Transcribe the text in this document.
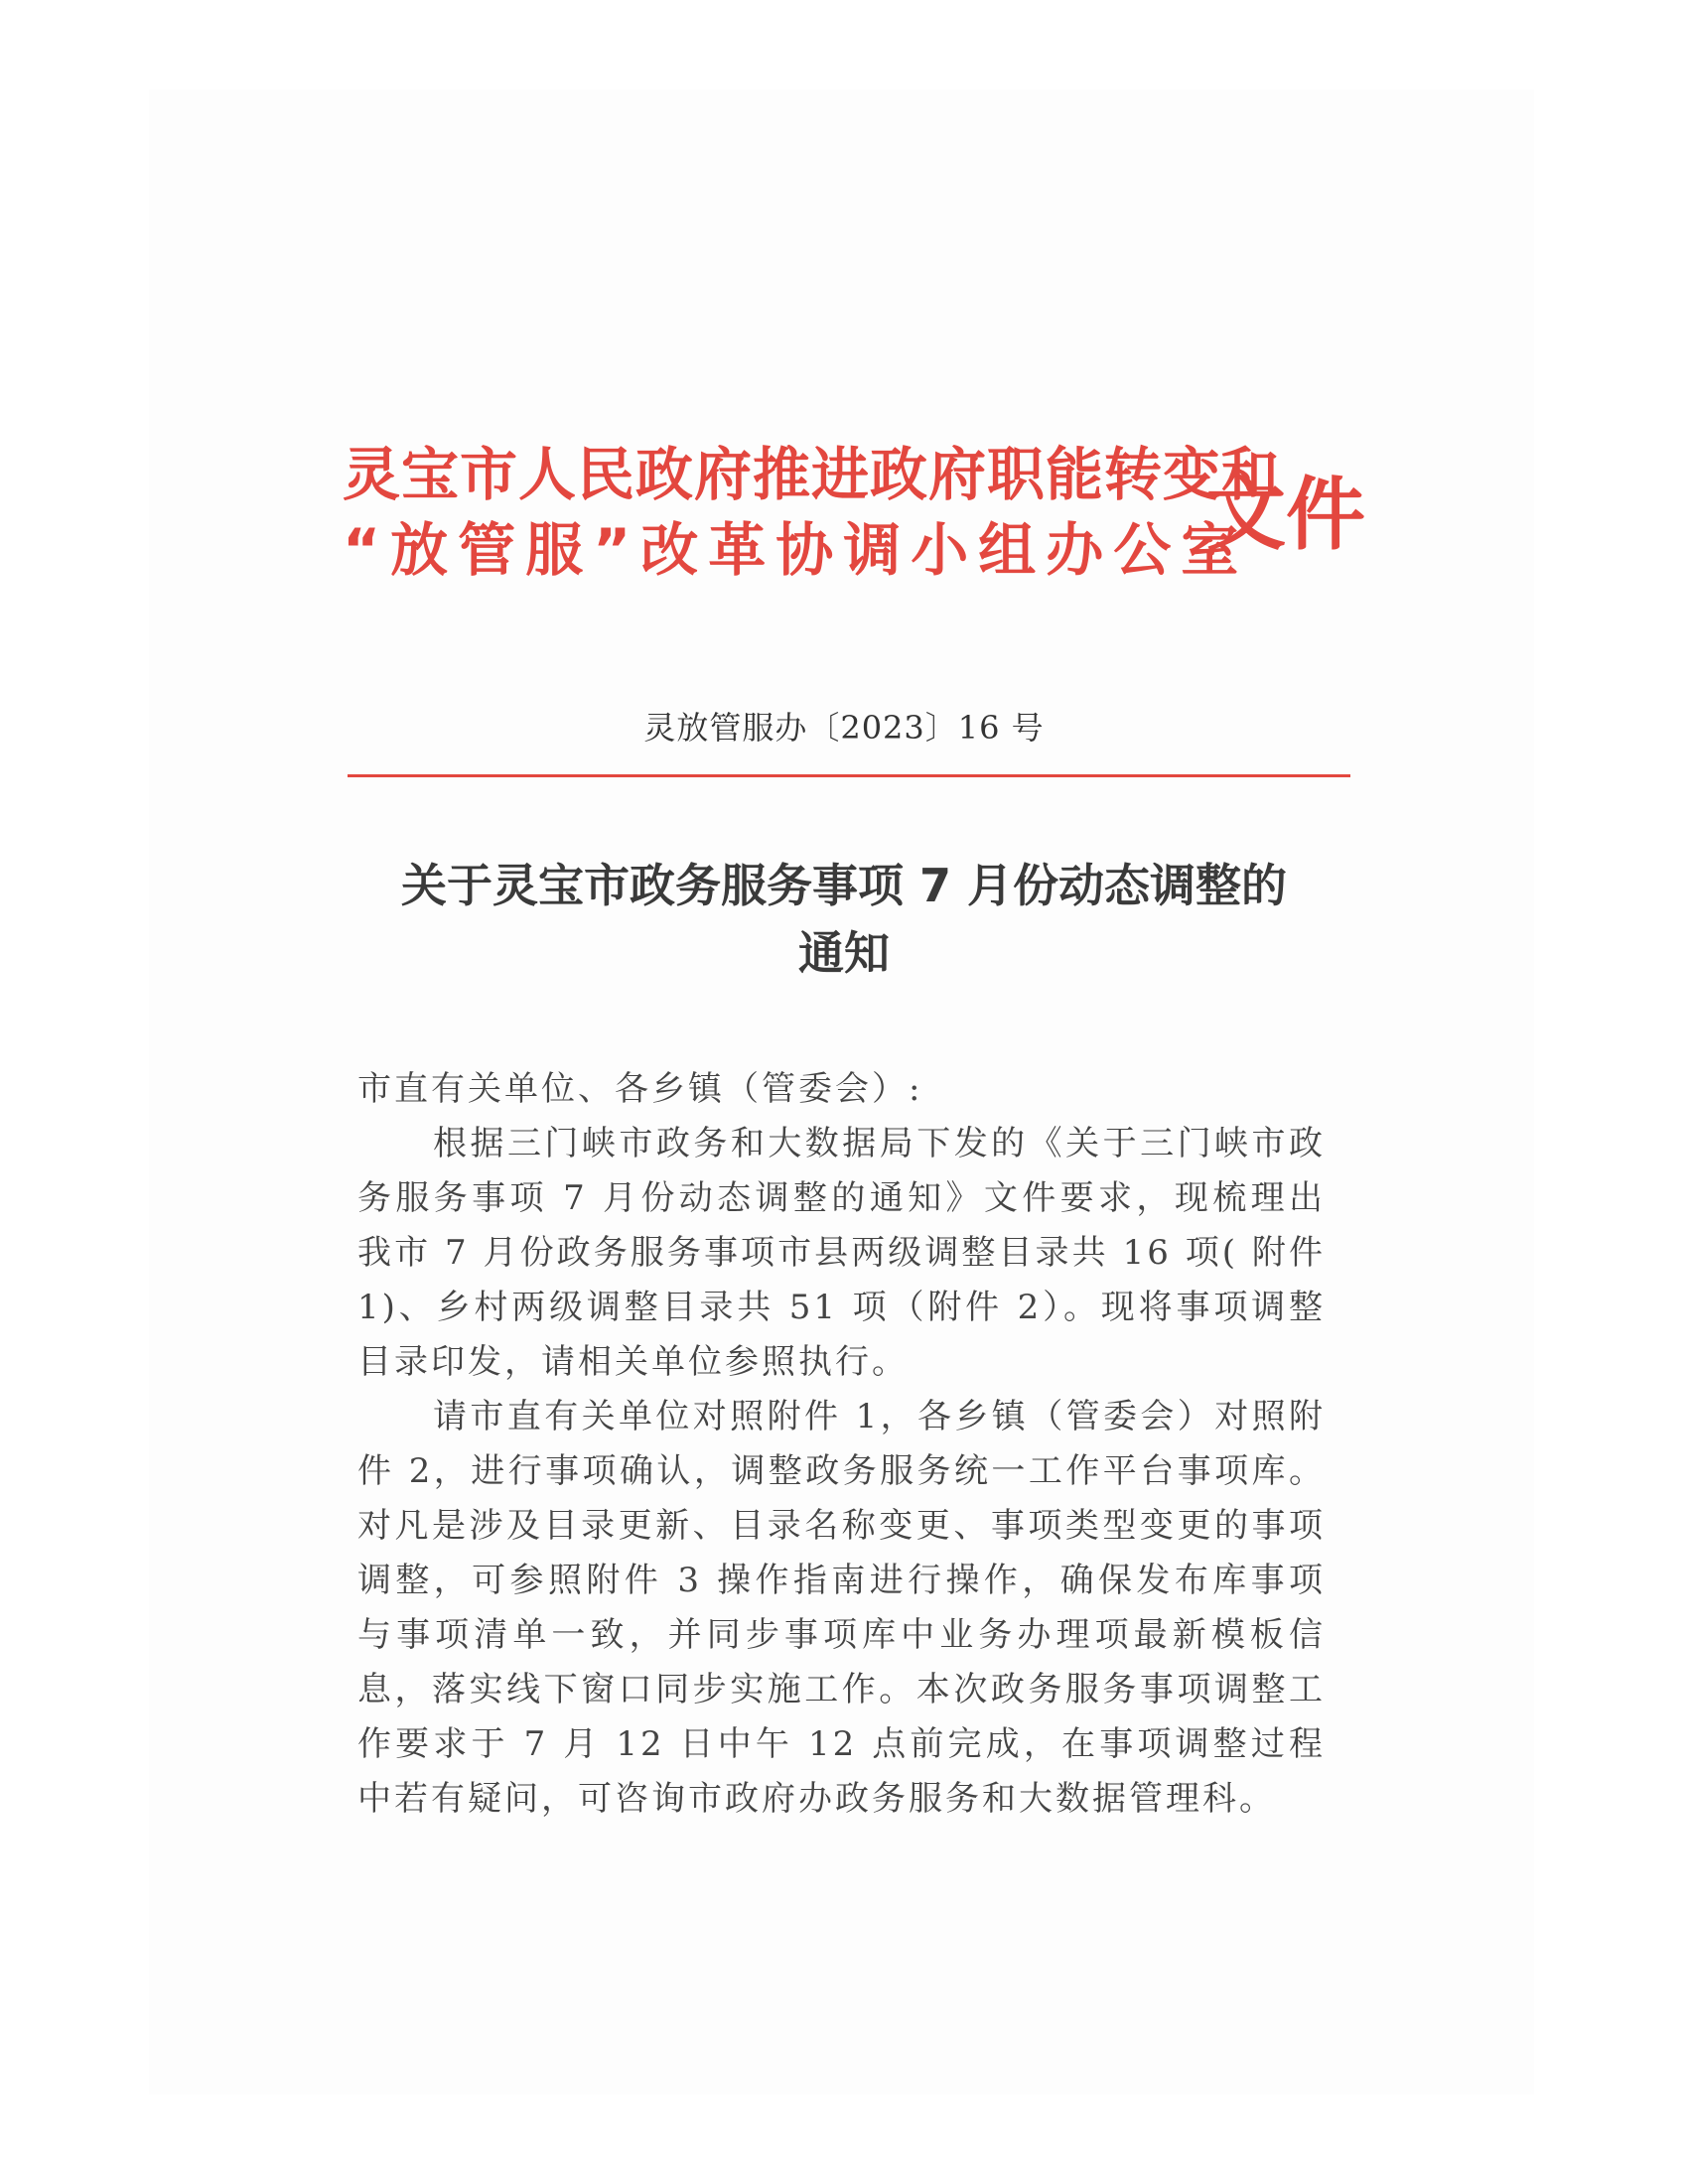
灵宝市人民政府推进政府职能转变和
“放管服”改革协调小组办公室
文件
灵放管服办〔2023〕16 号
关于灵宝市政务服务事项 7 月份动态调整的
通知

市直有关单位、各乡镇（管委会）:

根据三门峡市政务和大数据局下发的《关于三门峡市政务服务事项 7 月份动态调整的通知》文件要求，现梳理出我市 7 月份政务服务事项市县两级调整目录共 16 项( 附件 1)、乡村两级调整目录共 51 项（附件 2）。现将事项调整目录印发，请相关单位参照执行。

请市直有关单位对照附件 1，各乡镇（管委会）对照附件 2，进行事项确认，调整政务服务统一工作平台事项库。对凡是涉及目录更新、目录名称变更、事项类型变更的事项调整，可参照附件 3 操作指南进行操作，确保发布库事项与事项清单一致，并同步事项库中业务办理项最新模板信息，落实线下窗口同步实施工作。本次政务服务事项调整工作要求于 7 月 12 日中午 12 点前完成，在事项调整过程中若有疑问，可咨询市政府办政务服务和大数据管理科。
